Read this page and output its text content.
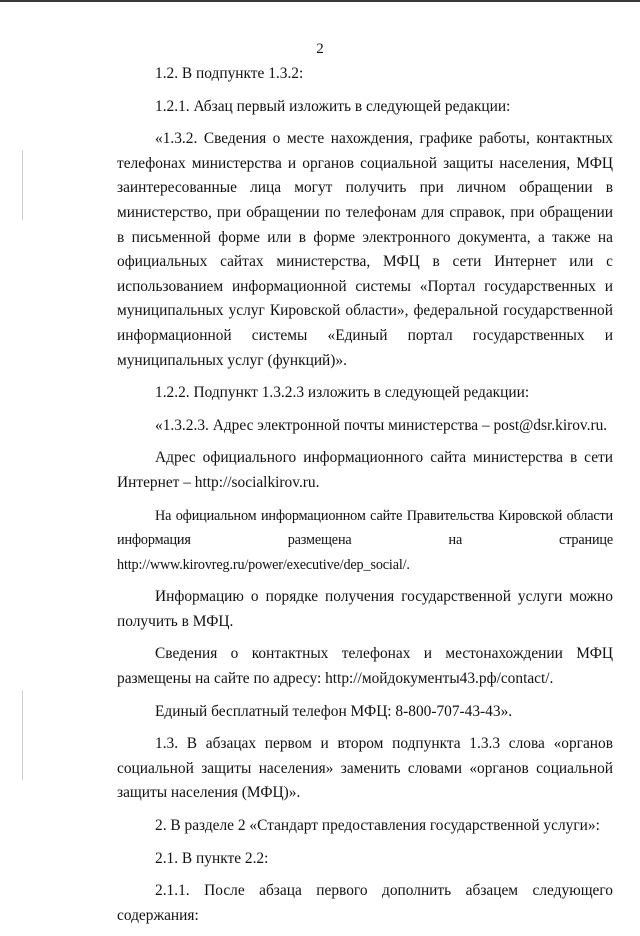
2

1.2. В подпункте 1.3.2:

1.2.1. Абзац первый изложить в следующей редакции:

«1.3.2. Сведения о месте нахождения, графике работы, контактных телефонах министерства и органов социальной защиты населения, МФЦ заинтересованные лица могут получить при личном обращении в министерство, при обращении по телефонам для справок, при обращении в письменной форме или в форме электронного документа, а также на официальных сайтах министерства, МФЦ в сети Интернет или с использованием информационной системы «Портал государственных и муниципальных услуг Кировской области», федеральной государственной информационной системы «Единый портал государственных и муниципальных услуг (функций)».

1.2.2. Подпункт 1.3.2.3 изложить в следующей редакции:

«1.3.2.3. Адрес электронной почты министерства – post@dsr.kirov.ru.

Адрес официального информационного сайта министерства в сети Интернет – http://socialkirov.ru.

На официальном информационном сайте Правительства Кировской области информация размещена на странице http://www.kirovreg.ru/power/executive/dep_social/.

Информацию о порядке получения государственной услуги можно получить в МФЦ.

Сведения о контактных телефонах и местонахождении МФЦ размещены на сайте по адресу: http://мойдокументы43.рф/contact/.

Единый бесплатный телефон МФЦ: 8-800-707-43-43».

1.3. В абзацах первом и втором подпункта 1.3.3 слова «органов социальной защиты населения» заменить словами «органов социальной защиты населения (МФЦ)».

2. В разделе 2 «Стандарт предоставления государственной услуги»:

2.1. В пункте 2.2:

2.1.1. После абзаца первого дополнить абзацем следующего содержания:
